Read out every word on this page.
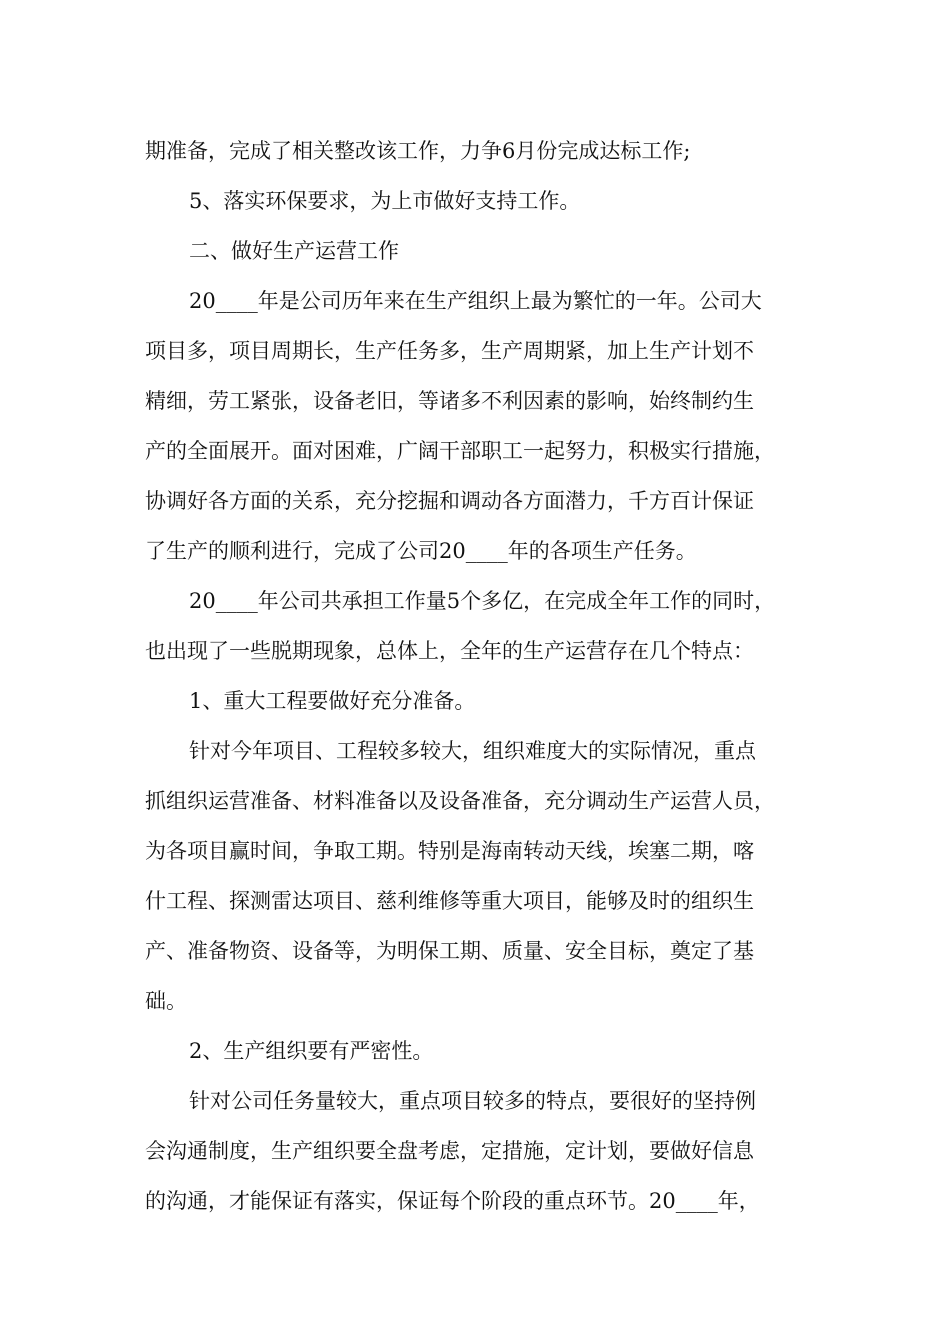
期准备，完成了相关整改该工作，力争6月份完成达标工作;
5、落实环保要求，为上市做好支持工作。
二、做好生产运营工作
20____年是公司历年来在生产组织上最为繁忙的一年。公司大
项目多，项目周期长，生产任务多，生产周期紧，加上生产计划不
精细，劳工紧张，设备老旧，等诸多不利因素的影响，始终制约生
产的全面展开。面对困难，广阔干部职工一起努力，积极实行措施，
协调好各方面的关系，充分挖掘和调动各方面潜力，千方百计保证
了生产的顺利进行，完成了公司20____年的各项生产任务。
20____年公司共承担工作量5个多亿，在完成全年工作的同时，
也出现了一些脱期现象，总体上，全年的生产运营存在几个特点：
1、重大工程要做好充分准备。
针对今年项目、工程较多较大，组织难度大的实际情况，重点
抓组织运营准备、材料准备以及设备准备，充分调动生产运营人员，
为各项目赢时间，争取工期。特别是海南转动天线，埃塞二期，喀
什工程、探测雷达项目、慈利维修等重大项目，能够及时的组织生
产、准备物资、设备等，为明保工期、质量、安全目标，奠定了基
础。
2、生产组织要有严密性。
针对公司任务量较大，重点项目较多的特点，要很好的坚持例
会沟通制度，生产组织要全盘考虑，定措施，定计划，要做好信息
的沟通，才能保证有落实，保证每个阶段的重点环节。20____年，
